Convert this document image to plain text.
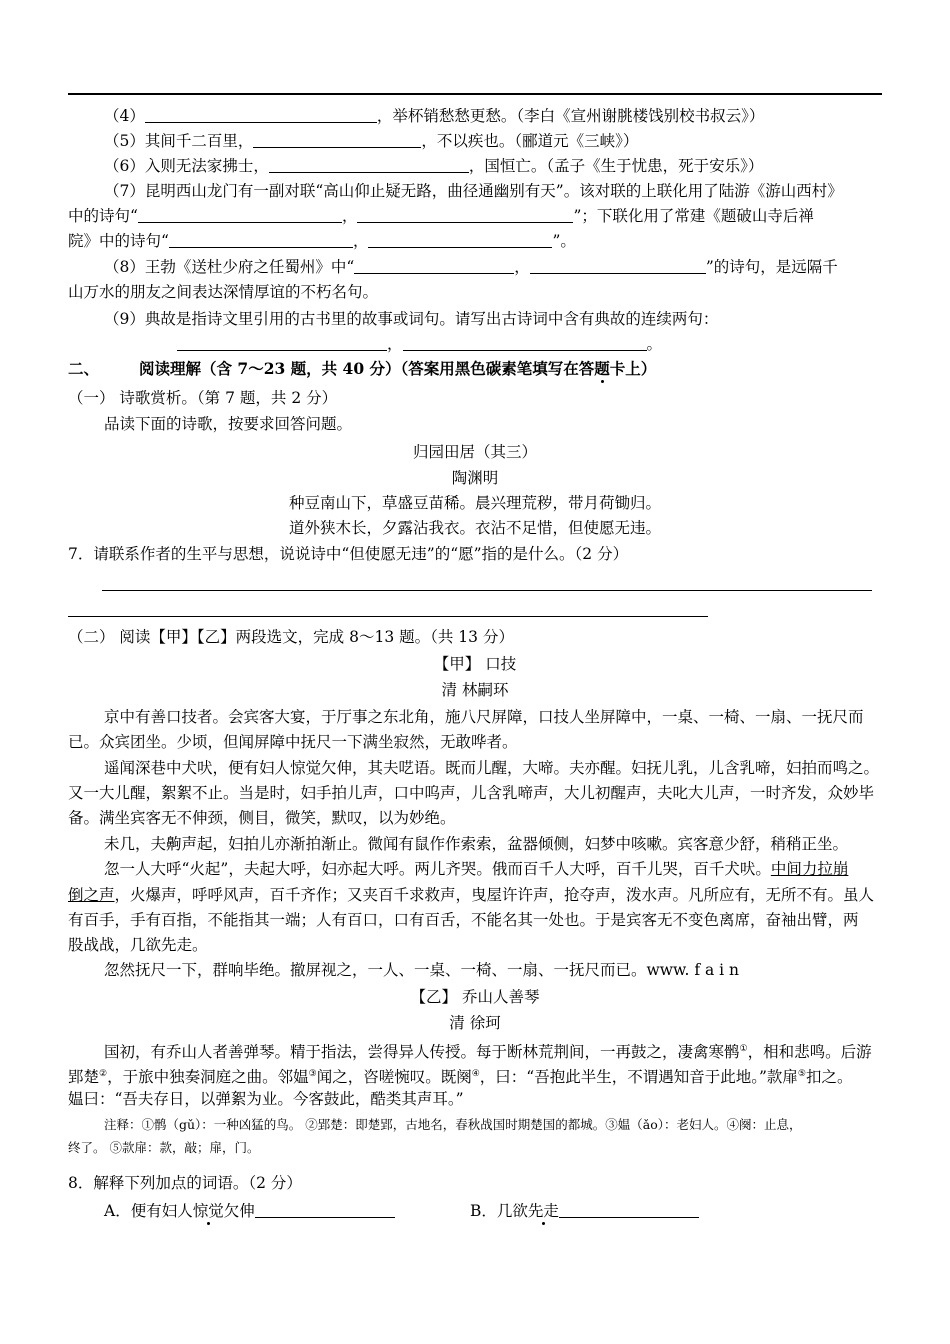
（4）	，举杯销愁愁更愁。（李白《宣州谢朓楼饯别校书叔云》）
（5）其间千二百里，	，不以疾也。（郦道元《三峡》）
（6）入则无法家拂士，	，国恒亡。（孟子《生于忧患，死于安乐》）
（7）昆明西山龙门有一副对联“高山仰止疑无路，曲径通幽别有天”。该对联的上联化用了陆游《游山西村》
中的诗句“	，	”；下联化用了常建《题破山寺后禅
院》中的诗句“	，	”。
（8）王勃《送杜少府之任蜀州》中“	，	”的诗句，是远隔千
山万水的朋友之间表达深情厚谊的不朽名句。
（9）典故是指诗文里引用的古书里的故事或词句。请写出古诗词中含有典故的连续两句：
，	。
二、	阅读理解（含 7～23 题，共 40 分）（答案用黑色碳素笔填写在答题卡上）
（一） 诗歌赏析。（第 7 题，共 2 分）
品读下面的诗歌，按要求回答问题。
归园田居（其三）
陶渊明
种豆南山下，草盛豆苗稀。晨兴理荒秽，带月荷锄归。
道外狭木长，夕露沾我衣。衣沾不足惜，但使愿无违。
7．请联系作者的生平与思想，说说诗中“但使愿无违”的“愿”指的是什么。（2 分）
（二） 阅读【甲】【乙】两段选文，完成 8～13 题。（共 13 分）
【甲】 口技
清 林嗣环
京中有善口技者。会宾客大宴，于厅事之东北角，施八尺屏障，口技人坐屏障中，一桌、一椅、一扇、一抚尺而
已。众宾团坐。少顷，但闻屏障中抚尺一下满坐寂然，无敢哗者。
遥闻深巷中犬吠，便有妇人惊觉欠伸，其夫呓语。既而儿醒，大啼。夫亦醒。妇抚儿乳，儿含乳啼，妇拍而鸣之。
又一大儿醒，絮絮不止。当是时，妇手拍儿声，口中呜声，儿含乳啼声，大儿初醒声，夫叱大儿声，一时齐发，众妙毕
备。满坐宾客无不伸颈，侧目，微笑，默叹，以为妙绝。
未几，夫齁声起，妇拍儿亦渐拍渐止。微闻有鼠作作索索，盆器倾侧，妇梦中咳嗽。宾客意少舒，稍稍正坐。
忽一人大呼“火起”，夫起大呼，妇亦起大呼。两儿齐哭。俄而百千人大呼，百千儿哭，百千犬吠。中间力拉崩
倒之声，火爆声，呼呼风声，百千齐作；又夹百千求救声，曳屋许许声，抢夺声，泼水声。凡所应有，无所不有。虽人
有百手，手有百指，不能指其一端；人有百口，口有百舌，不能名其一处也。于是宾客无不变色离席，奋袖出臂，两
股战战，几欲先走。
忽然抚尺一下，群响毕绝。撤屏视之，一人、一桌、一椅、一扇、一抚尺而已。www. f a i n
【乙】 乔山人善琴
清 徐珂
国初，有乔山人者善弹琴。精于指法，尝得异人传授。每于断林荒荆间，一再鼓之，凄禽寒鹘①，相和悲鸣。后游
郢楚②，于旅中独奏洞庭之曲。邻媪③闻之，咨嗟惋叹。既阕④，曰：“吾抱此半生，不谓遇知音于此地。”款扉⑤扣之。
媪曰：“吾夫存日，以弹絮为业。今客鼓此，酷类其声耳。”
注释：①鹘（gǔ）：一种凶猛的鸟。 ②郢楚：即楚郢，古地名，春秋战国时期楚国的都城。③媪（ǎo）：老妇人。④阕：止息，
终了。 ⑤款扉：款，敲；扉，门。
8．解释下列加点的词语。（2 分）
A．便有妇人惊觉欠伸	B．几欲先走
